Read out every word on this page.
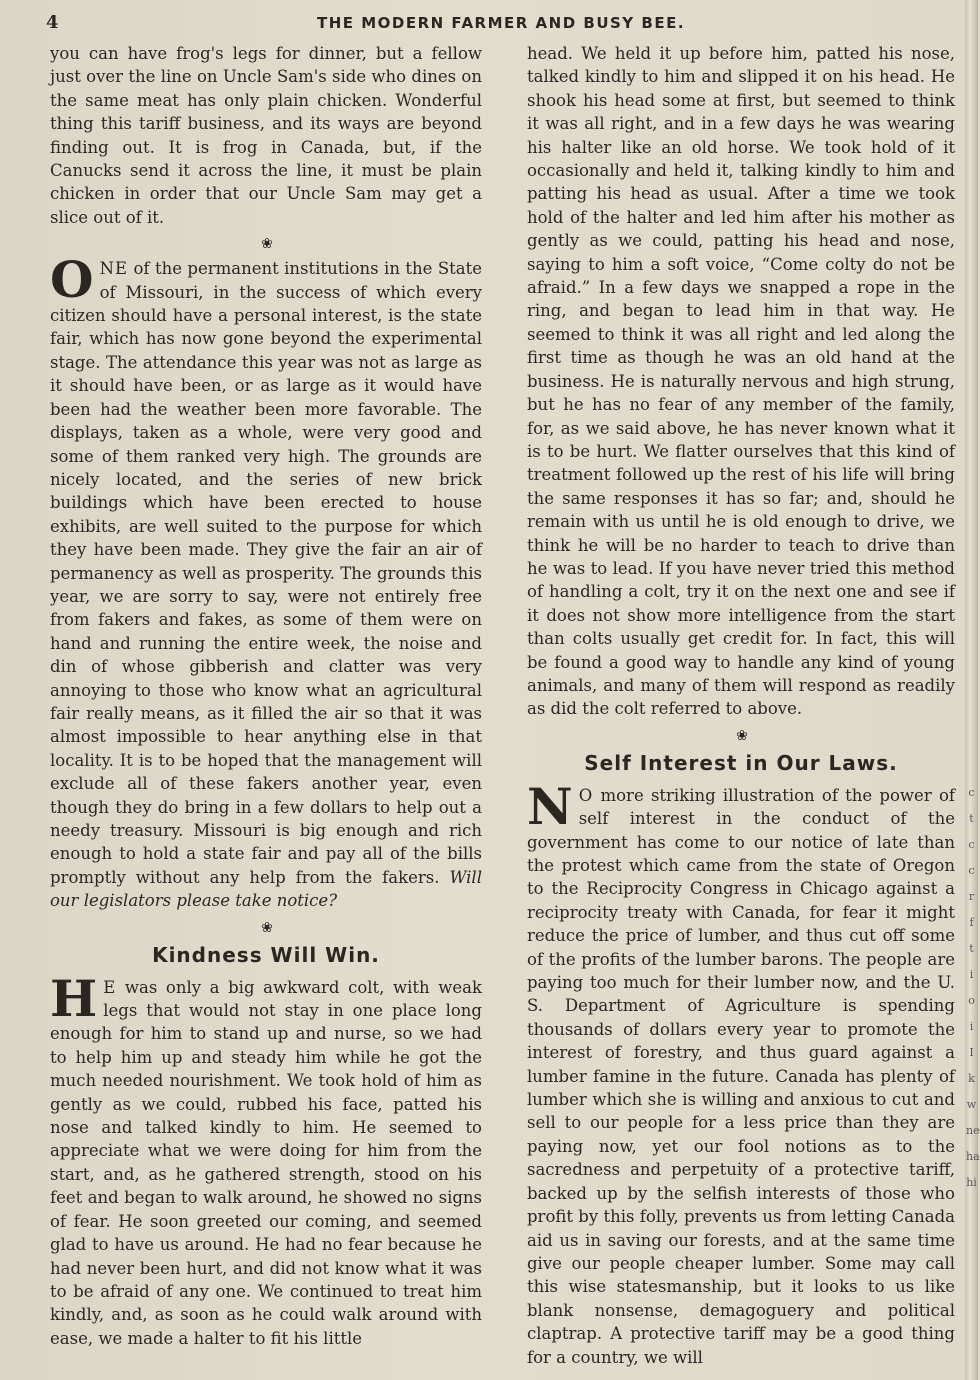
4	THE MODERN FARMER AND BUSY BEE.

you can have frog's legs for dinner, but a fellow just over the line on Uncle Sam's side who dines on the same meat has only plain chicken. Wonderful thing this tariff business, and its ways are beyond finding out. It is frog in Canada, but, if the Canucks send it across the line, it must be plain chicken in order that our Uncle Sam may get a slice out of it.

❀

ONE of the permanent institutions in the State of Missouri, in the success of which every citizen should have a personal interest, is the state fair, which has now gone beyond the experimental stage. The attendance this year was not as large as it should have been, or as large as it would have been had the weather been more favorable. The displays, taken as a whole, were very good and some of them ranked very high. The grounds are nicely located, and the series of new brick buildings which have been erected to house exhibits, are well suited to the purpose for which they have been made. They give the fair an air of permanency as well as prosperity. The grounds this year, we are sorry to say, were not entirely free from fakers and fakes, as some of them were on hand and running the entire week, the noise and din of whose gibberish and clatter was very annoying to those who know what an agricultural fair really means, as it filled the air so that it was almost impossible to hear anything else in that locality. It is to be hoped that the management will exclude all of these fakers another year, even though they do bring in a few dollars to help out a needy treasury. Missouri is big enough and rich enough to hold a state fair and pay all of the bills promptly without any help from the fakers. Will our legislators please take notice?

❀
Kindness Will Win.

H E was only a big awkward colt, with weak legs that would not stay in one place long enough for him to stand up and nurse, so we had to help him up and steady him while he got the much needed nourishment. We took hold of him as gently as we could, rubbed his face, patted his nose and talked kindly to him. He seemed to appreciate what we were doing for him from the start, and, as he gathered strength, stood on his feet and began to walk around, he showed no signs of fear. He soon greeted our coming, and seemed glad to have us around. He had no fear because he had never been hurt, and did not know what it was to be afraid of any one. We continued to treat him kindly, and, as soon as he could walk around with ease, we made a halter to fit his little

head. We held it up before him, patted his nose, talked kindly to him and slipped it on his head. He shook his head some at first, but seemed to think it was all right, and in a few days he was wearing his halter like an old horse. We took hold of it occasionally and held it, talking kindly to him and patting his head as usual. After a time we took hold of the halter and led him after his mother as gently as we could, patting his head and nose, saying to him a soft voice, “Come colty do not be afraid.” In a few days we snapped a rope in the ring, and began to lead him in that way. He seemed to think it was all right and led along the first time as though he was an old hand at the business. He is naturally nervous and high strung, but he has no fear of any member of the family, for, as we said above, he has never known what it is to be hurt. We flatter ourselves that this kind of treatment followed up the rest of his life will bring the same responses it has so far; and, should he remain with us until he is old enough to drive, we think he will be no harder to teach to drive than he was to lead. If you have never tried this method of handling a colt, try it on the next one and see if it does not show more intelligence from the start than colts usually get credit for. In fact, this will be found a good way to handle any kind of young animals, and many of them will respond as readily as did the colt referred to above.

❀
Self Interest in Our Laws.

N O more striking illustration of the power of self interest in the conduct of the government has come to our notice of late than the protest which came from the state of Oregon to the Reciprocity Congress in Chicago against a reciprocity treaty with Canada, for fear it might reduce the price of lumber, and thus cut off some of the profits of the lumber barons. The people are paying too much for their lumber now, and the U. S. Department of Agriculture is spending thousands of dollars every year to promote the interest of forestry, and thus guard against a lumber famine in the future. Canada has plenty of lumber which she is willing and anxious to cut and sell to our people for a less price than they are paying now, yet our fool notions as to the sacredness and perpetuity of a protective tariff, backed up by the selfish interests of those who profit by this folly, prevents us from letting Canada aid us in saving our forests, and at the same time give our people cheaper lumber. Some may call this wise statesmanship, but it looks to us like blank nonsense, demagoguery and political claptrap. A protective tariff may be a good thing for a country, we will

c
t
c
c
r
f
t
i
o
i
I
k
w
ne
ha
hi
